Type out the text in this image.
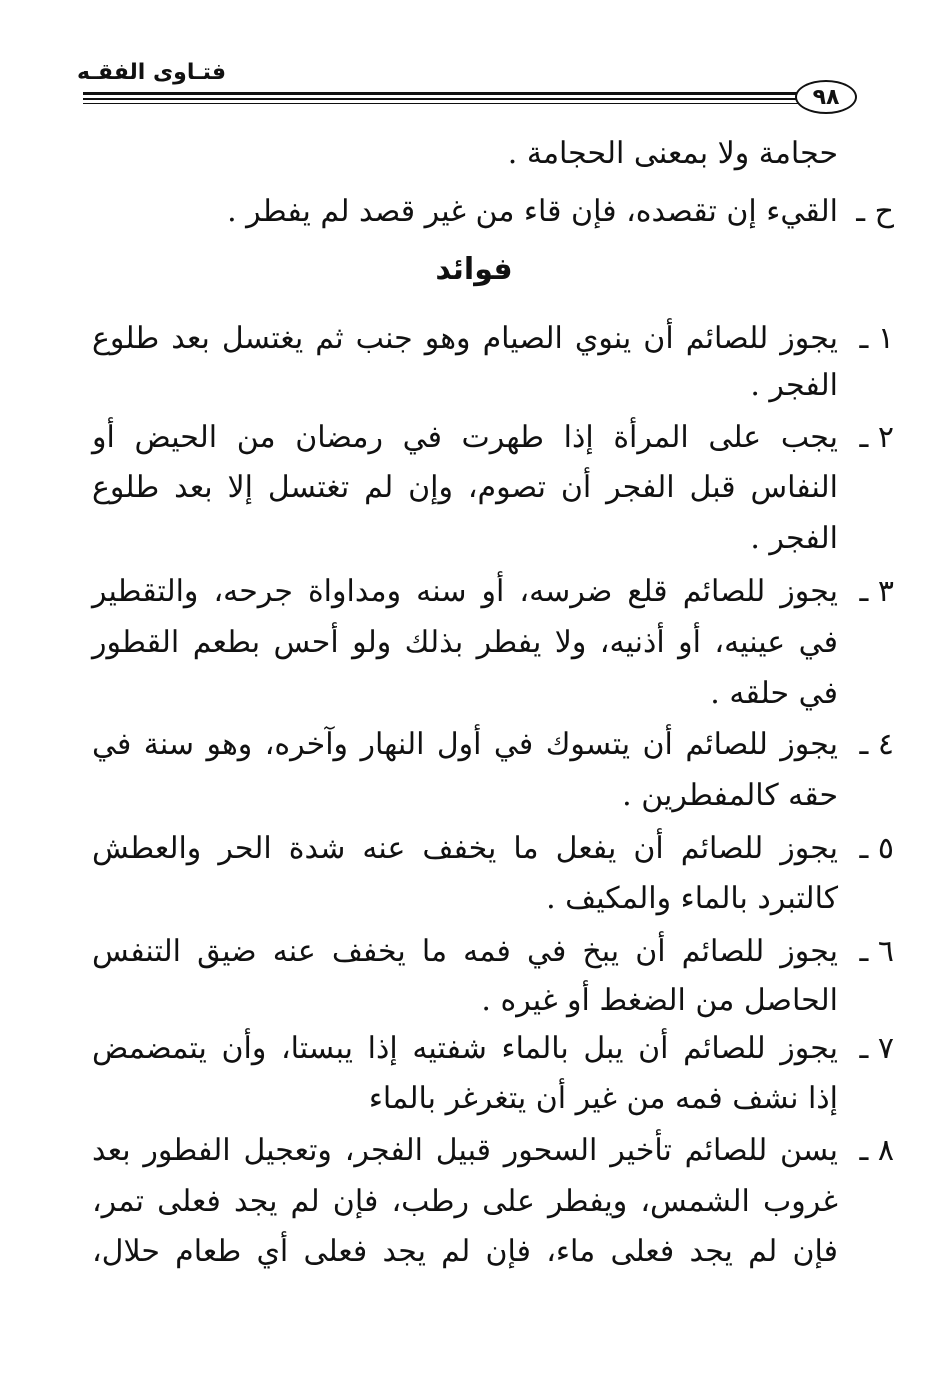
فتـاوى الفقـه
٩٨
حجامة ولا بمعنى الحجامة .
ح ـ
القيء إن تقصده، فإن قاء من غير قصد لم يفطر .
فوائد
١ ـ
يجوز للصائم أن ينوي الصيام وهو جنب ثم يغتسل بعد طلوع
الفجر .
٢ ـ
يجب على المرأة إذا طهرت في رمضان من الحيض أو
النفاس قبل الفجر أن تصوم، وإن لم تغتسل إلا بعد طلوع
الفجر .
٣ ـ
يجوز للصائم قلع ضرسه، أو سنه ومداواة جرحه، والتقطير
في عينيه، أو أذنيه، ولا يفطر بذلك ولو أحس بطعم القطور
في حلقه .
٤ ـ
يجوز للصائم أن يتسوك في أول النهار وآخره، وهو سنة في
حقه كالمفطرين .
٥ ـ
يجوز للصائم أن يفعل ما يخفف عنه شدة الحر والعطش
كالتبرد بالماء والمكيف .
٦ ـ
يجوز للصائم أن يبخ في فمه ما يخفف عنه ضيق التنفس
الحاصل من الضغط أو غيره .
٧ ـ
يجوز للصائم أن يبل بالماء شفتيه إذا يبستا، وأن يتمضمض
إذا نشف فمه من غير أن يتغرغر بالماء
٨ ـ
يسن للصائم تأخير السحور قبيل الفجر، وتعجيل الفطور بعد
غروب الشمس، ويفطر على رطب، فإن لم يجد فعلى تمر،
فإن لم يجد فعلى ماء، فإن لم يجد فعلى أي طعام حلال،
